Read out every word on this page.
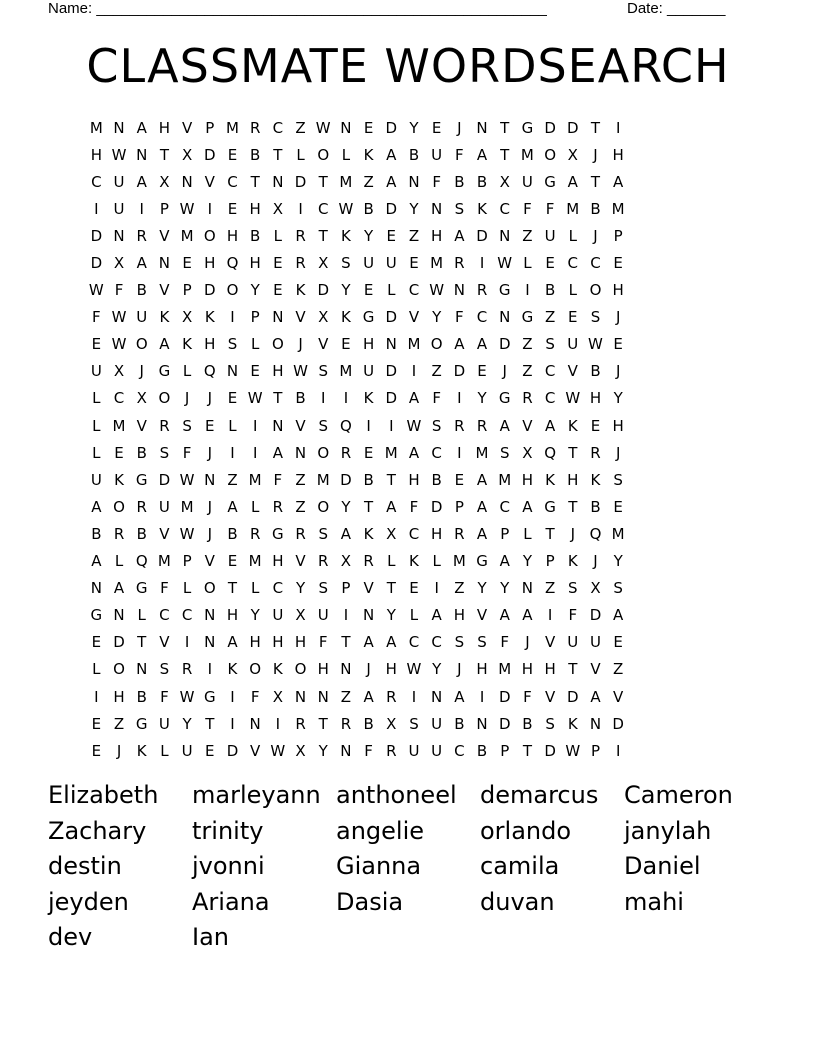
Name: ______________________________________________________	Date: _______
CLASSMATE WORDSEARCH
M N A H V P M R C Z W N E D Y E	J N T G D D T	I
H W N T X D E B T L O L K A B U F A T M O X	J H
C U A X N V C T N D T M Z A N F B B X U G A T A
I U I	P W I	E H X	I	C W B D Y N S K C F F M B M
D N R V M O H B L R T K Y E Z H A D N Z U L	J	P
D X A N E H Q H E R X S U U E M R	I W L E C C E
W F B V P D O Y E K D Y E L C W N R G I	B L O H
F W U K X K	I	P N V X K G D V Y F C N G Z E S	J
E W O A K H S L O J	V E H N M O A A D Z S U W E
U X	J G L Q N E H W S M U D I	Z D E	J	Z C V B	J
L C X O J	J	E W T B	I	I	K D A F	I	Y G R C W H Y
L M V R S E L	I N V S Q I	I W S R R A V A K E H
L E B S F	J	I	I	A N O R E M A C	I M S X Q T R	J
U K G D W N Z M F Z M D B T H B E A M H K H K S
A O R U M J	A L R Z O Y T A F D P A C A G T B E
B R B V W J	B R G R S A K X C H R A P L T	J Q M
A L Q M P V E M H V R X R L K L M G A Y P K	J	Y
N A G F L O T L C Y S P V T E	I	Z Y Y N Z S X S
G N L C C N H Y U X U I N Y L A H V A A	I	F D A
E D T V	I N A H H H F T A A C C S S F	J	V U U E
L O N S R	I	K O K O H N J H W Y	J H M H H T V Z
I H B F W G I	F X N N Z A R	I N A	I D F V D A V
E Z G U Y T	I N I	R T R B X S U B N D B S K N D
E	J	K L U E D V W X Y N F R U U C B P T D W P	I
Elizabeth	marleyann anthoneel demarcus	Cameron
Zachary	trinity	angelie	orlando	janylah
destin	jvonni	Gianna	camila	Daniel
jeyden	Ariana	Dasia	duvan	mahi
dev	Ian
